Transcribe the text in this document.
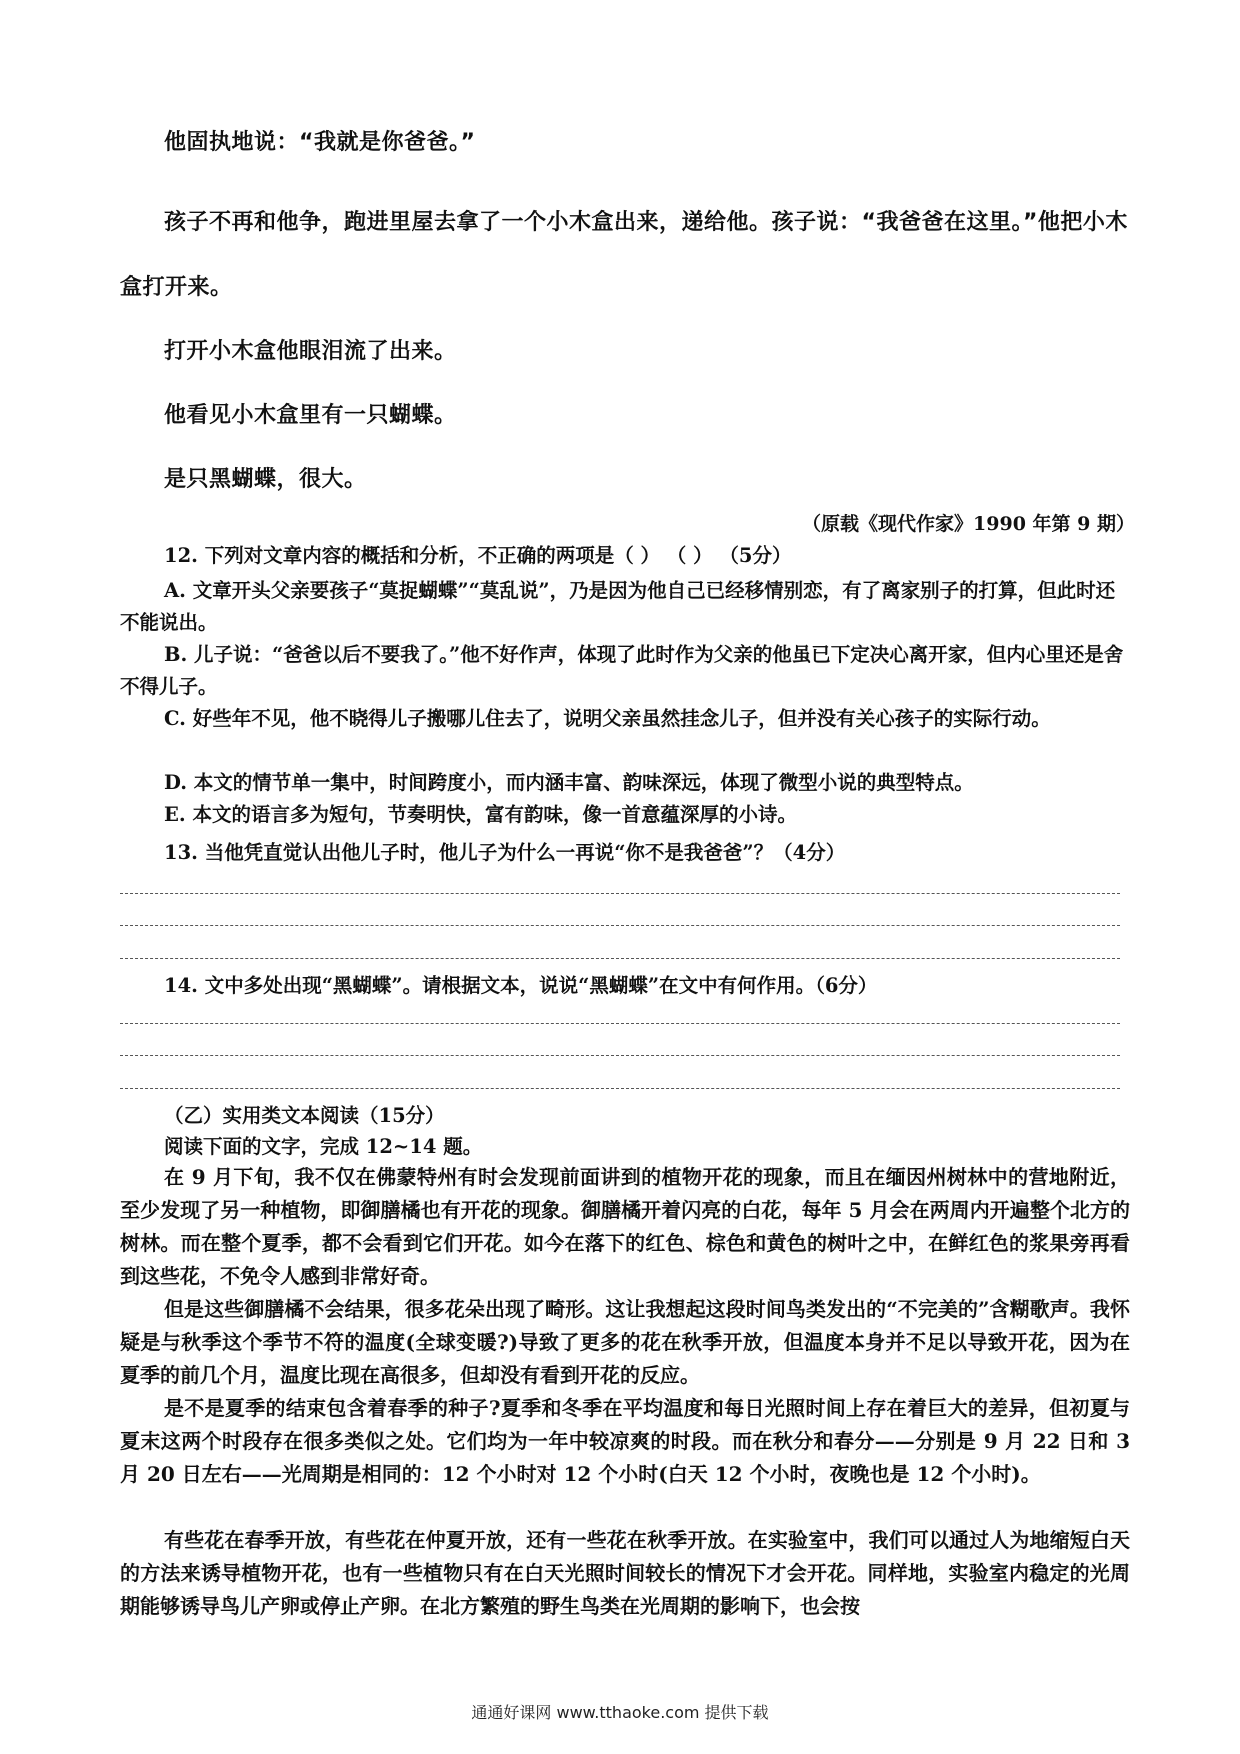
他固执地说：“我就是你爸爸。”

孩子不再和他争，跑进里屋去拿了一个小木盒出来，递给他。孩子说：“我爸爸在这里。”他把小木

盒打开来。

打开小木盒他眼泪流了出来。

他看见小木盒里有一只蝴蝶。

是只黑蝴蝶，很大。

（原载《现代作家》1990 年第 9 期）

12. 下列对文章内容的概括和分析，不正确的两项是（ ） （ ） （5分）

A. 文章开头父亲要孩子“莫捉蝴蝶”“莫乱说”，乃是因为他自己已经移情别恋，有了离家别子的打算，但此时还不能说出。

B. 儿子说：“爸爸以后不要我了。”他不好作声，体现了此时作为父亲的他虽已下定决心离开家，但内心里还是舍不得儿子。

C. 好些年不见，他不晓得儿子搬哪儿住去了，说明父亲虽然挂念儿子，但并没有关心孩子的实际行动。

D. 本文的情节单一集中，时间跨度小，而内涵丰富、韵味深远，体现了微型小说的典型特点。

E. 本文的语言多为短句，节奏明快，富有韵味，像一首意蕴深厚的小诗。

13. 当他凭直觉认出他儿子时，他儿子为什么一再说“你不是我爸爸”？（4分）

14. 文中多处出现“黑蝴蝶”。请根据文本，说说“黑蝴蝶”在文中有何作用。（6分）

（乙）实用类文本阅读（15分）

阅读下面的文字，完成 12~14 题。

在 9 月下旬，我不仅在佛蒙特州有时会发现前面讲到的植物开花的现象，而且在缅因州树林中的营地附近，至少发现了另一种植物，即御膳橘也有开花的现象。御膳橘开着闪亮的白花，每年 5 月会在两周内开遍整个北方的树林。而在整个夏季，都不会看到它们开花。如今在落下的红色、棕色和黄色的树叶之中，在鲜红色的浆果旁再看到这些花，不免令人感到非常好奇。

但是这些御膳橘不会结果，很多花朵出现了畸形。这让我想起这段时间鸟类发出的“不完美的”含糊歌声。我怀疑是与秋季这个季节不符的温度(全球变暖?)导致了更多的花在秋季开放，但温度本身并不足以导致开花，因为在夏季的前几个月，温度比现在高很多，但却没有看到开花的反应。

是不是夏季的结束包含着春季的种子?夏季和冬季在平均温度和每日光照时间上存在着巨大的差异，但初夏与夏末这两个时段存在很多类似之处。它们均为一年中较凉爽的时段。而在秋分和春分——分别是 9 月 22 日和 3 月 20 日左右——光周期是相同的：12 个小时对 12 个小时(白天 12 个小时，夜晚也是 12 个小时)。

有些花在春季开放，有些花在仲夏开放，还有一些花在秋季开放。在实验室中，我们可以通过人为地缩短白天的方法来诱导植物开花，也有一些植物只有在白天光照时间较长的情况下才会开花。同样地，实验室内稳定的光周期能够诱导鸟儿产卵或停止产卵。在北方繁殖的野生鸟类在光周期的影响下，也会按

通通好课网 www.tthaoke.com 提供下载
